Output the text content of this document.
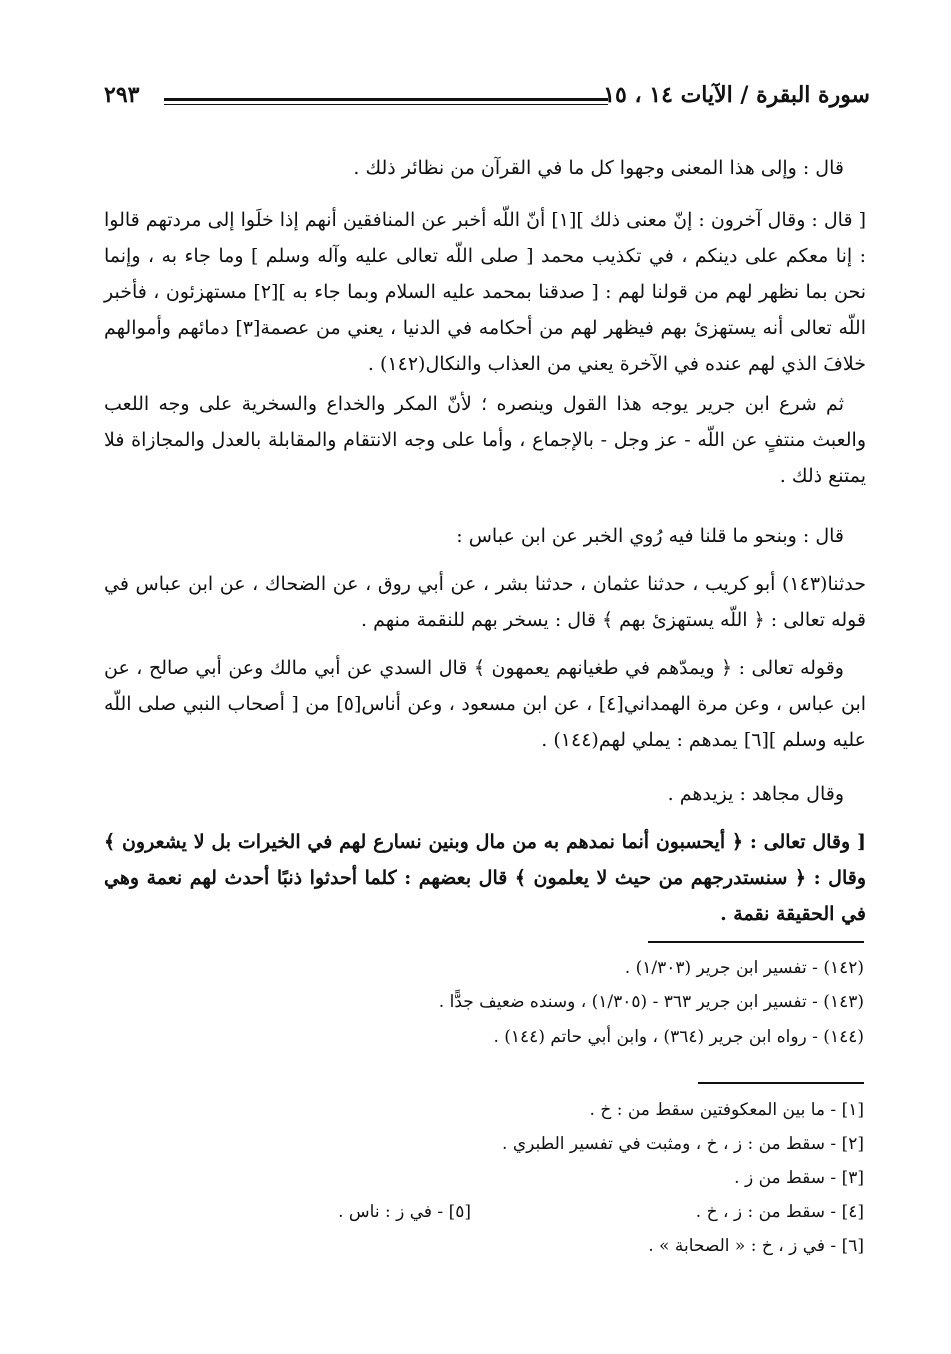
سورة البقرة / الآيات ١٤ ، ١٥
٢٩٣

قال : وإلى هذا المعنى وجهوا كل ما في القرآن من نظائر ذلك .

[ قال : وقال آخرون : إنّ معنى ذلك ][١] أنّ اللّه أخبر عن المنافقين أنهم إذا خلَوا إلى مردتهم قالوا : إنا معكم على دينكم ، في تكذيب محمد [ صلى اللّه تعالى عليه وآله وسلم ] وما جاء به ، وإنما نحن بما نظهر لهم من قولنا لهم : [ صدقنا بمحمد عليه السلام وبما جاء به ][٢] مستهزئون ، فأخبر اللّه تعالى أنه يستهزئ بهم فيظهر لهم من أحكامه في الدنيا ، يعني من عصمة[٣] دمائهم وأموالهم خلافَ الذي لهم عنده في الآخرة يعني من العذاب والنكال(١٤٢) .

ثم شرع ابن جرير يوجه هذا القول وينصره ؛ لأنّ المكر والخداع والسخرية على وجه اللعب والعبث منتفٍ عن اللّه - عز وجل - بالإجماع ، وأما على وجه الانتقام والمقابلة بالعدل والمجازاة فلا يمتنع ذلك .

قال : وبنحو ما قلنا فيه رُوي الخبر عن ابن عباس :

حدثنا(١٤٣) أبو كريب ، حدثنا عثمان ، حدثنا بشر ، عن أبي روق ، عن الضحاك ، عن ابن عباس في قوله تعالى : ﴿ اللّه يستهزئ بهم ﴾ قال : يسخر بهم للنقمة منهم .

وقوله تعالى : ﴿ ويمدّهم في طغيانهم يعمهون ﴾ قال السدي عن أبي مالك وعن أبي صالح ، عن ابن عباس ، وعن مرة الهمداني[٤] ، عن ابن مسعود ، وعن أناس[٥] من [ أصحاب النبي صلى اللّه عليه وسلم ][٦] يمدهم : يملي لهم(١٤٤) .

وقال مجاهد : يزيدهم .

[ وقال تعالى : ﴿ أيحسبون أنما نمدهم به من مال وبنين نسارع لهم في الخيرات بل لا يشعرون ﴾ وقال : ﴿ سنستدرجهم من حيث لا يعلمون ﴾ قال بعضهم : كلما أحدثوا ذنبًا أحدث لهم نعمة وهي في الحقيقة نقمة .

(١٤٢) - تفسير ابن جرير (١/٣٠٣) .
(١٤٣) - تفسير ابن جرير ٣٦٣ - (١/٣٠٥) ، وسنده ضعيف جدًّا .
(١٤٤) - رواه ابن جرير (٣٦٤) ، وابن أبي حاتم (١٤٤) .
[١] - ما بين المعكوفتين سقط من : خ .
[٢] - سقط من : ز ، خ ، ومثبت في تفسير الطبري .
[٣] - سقط من ز .
[٤] - سقط من : ز ، خ .
[٥] - في ز : ناس .
[٦] - في ز ، خ : « الصحابة » .
